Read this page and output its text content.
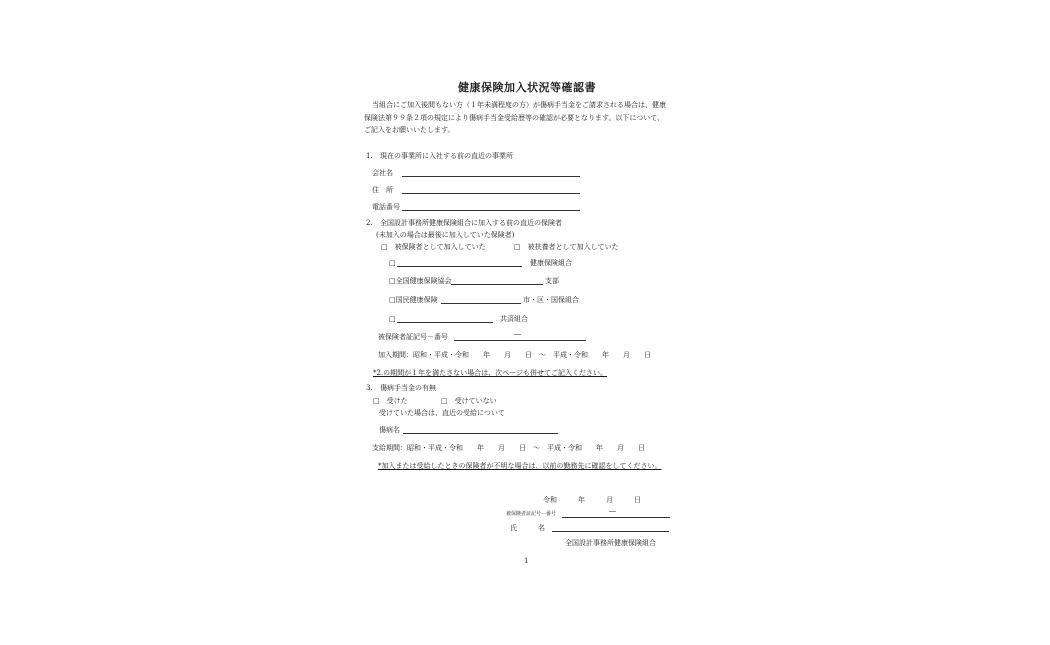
健康保険加入状況等確認書
当組合にご加入後間もない方（１年未満程度の方）が傷病手当金をご請求される場合は、健康
保険法第９９条２項の規定により傷病手当金受給歴等の確認が必要となります。以下について、
ご記入をお願いいたします。
1. 現在の事業所に入社する前の直近の事業所
会社名
住　所
電話番号
2. 全国設計事務所健康保険組合に加入する前の直近の保険者
(未加入の場合は最後に加入していた保険者)
□　被保険者として加入していた	□　被扶養者として加入していた
□	健康保険組合
□全国健康保険協会	支部
□国民健康保険	市・区・国保組合
□	共済組合
被保険者証記号－番号	―
加入期間：昭和・平成・令和　　年　　月　　日　～　平成・令和　　年　　月　　日
*2.の期間が１年を満たさない場合は、次ページも併せてご記入ください。
3. 傷病手当金の有無
□　受けた	□　受けていない
受けていた場合は、直近の受給について
傷病名
支給期間：昭和・平成・令和　　年　　月　　日　～　平成・令和　　年　　月　　日
*加入または受給したときの保険者が不明な場合は、以前の勤務先に確認をしてください。
令和　　　年　　　月　　　日
被保険者証記号－番号	―
氏　　　名
全国設計事務所健康保険組合
1
